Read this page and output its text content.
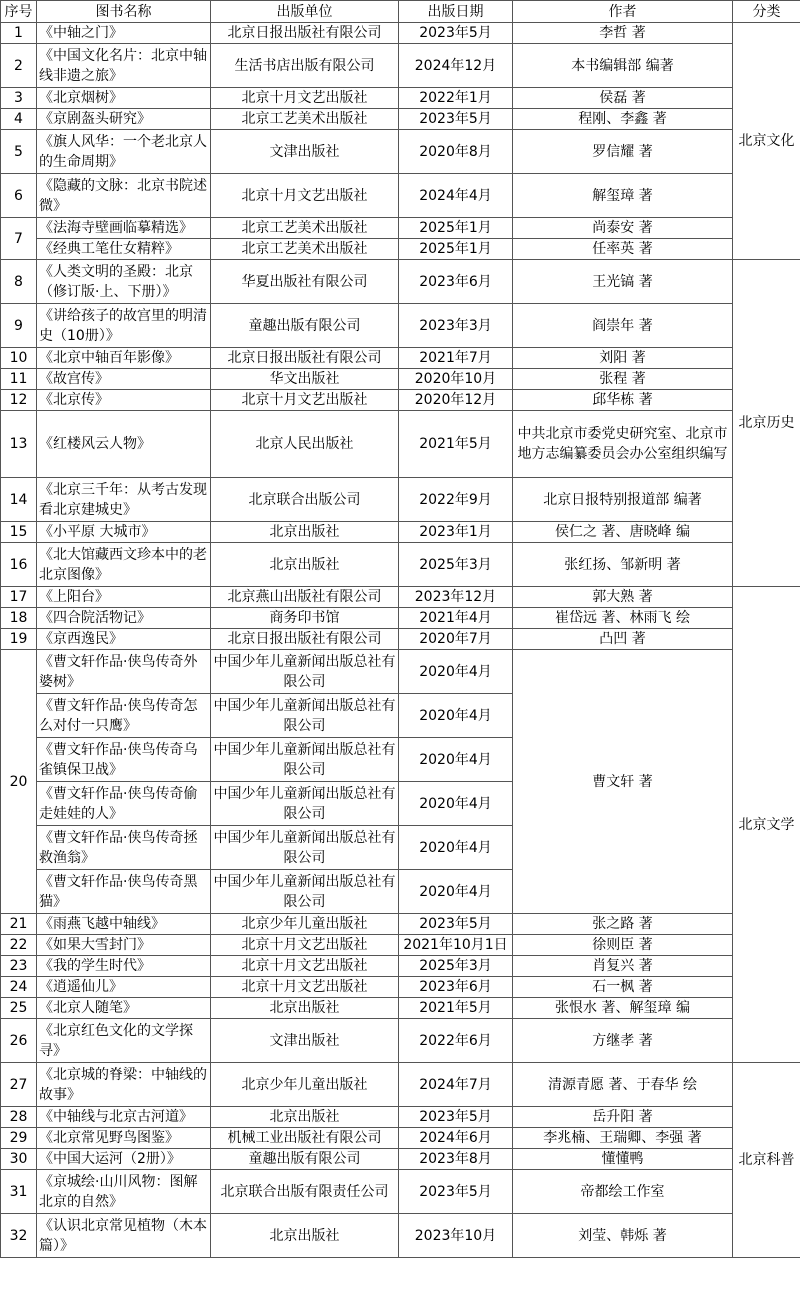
序号	图书名称	出版单位	出版日期	作者	分类
1	《中轴之门》	北京日报出版社有限公司	2023年5月	李哲 著	北京文化
2	《中国文化名片：北京中轴线非遗之旅》	生活书店出版有限公司	2024年12月	本书编辑部 编著	
3	《北京烟树》	北京十月文艺出版社	2022年1月	侯磊 著	
4	《京剧盔头研究》	北京工艺美术出版社	2023年5月	程刚、李鑫 著	
5	《旗人风华：一个老北京人的生命周期》	文津出版社	2020年8月	罗信耀 著	
6	《隐藏的文脉：北京书院述微》	北京十月文艺出版社	2024年4月	解玺璋 著	
7	《法海寺壁画临摹精选》	北京工艺美术出版社	2025年1月	尚泰安 著	
	《经典工笔仕女精粹》	北京工艺美术出版社	2025年1月	任率英 著	
8	《人类文明的圣殿：北京（修订版·上、下册）》	华夏出版社有限公司	2023年6月	王光镐 著	北京历史
9	《讲给孩子的故宫里的明清史（10册）》	童趣出版有限公司	2023年3月	阎崇年 著	
10	《北京中轴百年影像》	北京日报出版社有限公司	2021年7月	刘阳 著	
11	《故宫传》	华文出版社	2020年10月	张程 著	
12	《北京传》	北京十月文艺出版社	2020年12月	邱华栋 著	
13	《红楼风云人物》	北京人民出版社	2021年5月	中共北京市委党史研究室、北京市地方志编纂委员会办公室组织编写	
14	《北京三千年：从考古发现看北京建城史》	北京联合出版公司	2022年9月	北京日报特别报道部 编著	
15	《小平原 大城市》	北京出版社	2023年1月	侯仁之 著、唐晓峰 编	
16	《北大馆藏西文珍本中的老北京图像》	北京出版社	2025年3月	张红扬、邹新明 著	
17	《上阳台》	北京燕山出版社有限公司	2023年12月	郭大熟 著	北京文学
18	《四合院活物记》	商务印书馆	2021年4月	崔岱远 著、林雨飞 绘	
19	《京西逸民》	北京日报出版社有限公司	2020年7月	凸凹 著	
20	《曹文轩作品·侠鸟传奇外婆树》	中国少年儿童新闻出版总社有限公司	2020年4月	曹文轩 著	
	《曹文轩作品·侠鸟传奇怎么对付一只鹰》	中国少年儿童新闻出版总社有限公司	2020年4月		
	《曹文轩作品·侠鸟传奇乌雀镇保卫战》	中国少年儿童新闻出版总社有限公司	2020年4月		
	《曹文轩作品·侠鸟传奇偷走娃娃的人》	中国少年儿童新闻出版总社有限公司	2020年4月		
	《曹文轩作品·侠鸟传奇拯救渔翁》	中国少年儿童新闻出版总社有限公司	2020年4月		
	《曹文轩作品·侠鸟传奇黑猫》	中国少年儿童新闻出版总社有限公司	2020年4月		
21	《雨燕飞越中轴线》	北京少年儿童出版社	2023年5月	张之路 著	
22	《如果大雪封门》	北京十月文艺出版社	2021年10月1日	徐则臣 著	
23	《我的学生时代》	北京十月文艺出版社	2025年3月	肖复兴 著	
24	《逍遥仙儿》	北京十月文艺出版社	2023年6月	石一枫 著	
25	《北京人随笔》	北京出版社	2021年5月	张恨水 著、解玺璋 编	
26	《北京红色文化的文学探寻》	文津出版社	2022年6月	方继孝 著	
27	《北京城的脊梁：中轴线的故事》	北京少年儿童出版社	2024年7月	清源青愿 著、于春华 绘	北京科普
28	《中轴线与北京古河道》	北京出版社	2023年5月	岳升阳 著	
29	《北京常见野鸟图鉴》	机械工业出版社有限公司	2024年6月	李兆楠、王瑞卿、李强 著	
30	《中国大运河（2册）》	童趣出版有限公司	2023年8月	懂懂鸭	
31	《京城绘·山川风物：图解北京的自然》	北京联合出版有限责任公司	2023年5月	帝都绘工作室	
32	《认识北京常见植物（木本篇）》	北京出版社	2023年10月	刘莹、韩烁 著	
